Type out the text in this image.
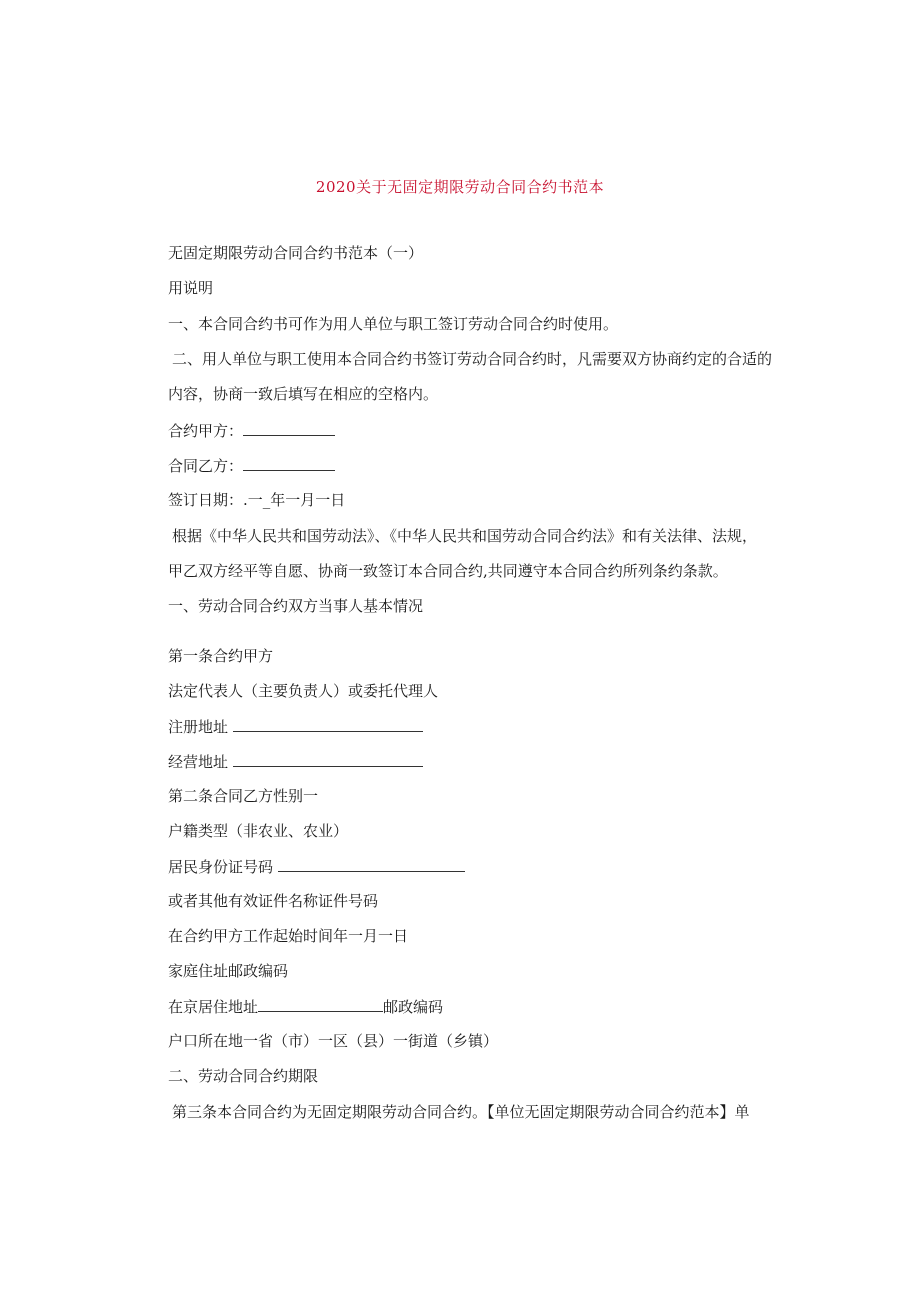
2020关于无固定期限劳动合同合约书范本
无固定期限劳动合同合约书范本（一）
用说明
一、本合同合约书可作为用人单位与职工签订劳动合同合约时使用。
二、用人单位与职工使用本合同合约书签订劳动合同合约时，凡需要双方协商约定的合适的
内容，协商一致后填写在相应的空格内。
合约甲方：
合同乙方：
签订日期：.一_年一月一日
根据《中华人民共和国劳动法》、《中华人民共和国劳动合同合约法》和有关法律、法规，
甲乙双方经平等自愿、协商一致签订本合同合约,共同遵守本合同合约所列条约条款。
一、劳动合同合约双方当事人基本情况
第一条合约甲方
法定代表人（主要负责人）或委托代理人
注册地址
经营地址
第二条合同乙方性别一
户籍类型（非农业、农业）
居民身份证号码
或者其他有效证件名称证件号码
在合约甲方工作起始时间年一月一日
家庭住址邮政编码
在京居住地址	邮政编码
户口所在地一省（市）一区（县）一街道（乡镇）
二、劳动合同合约期限
第三条本合同合约为无固定期限劳动合同合约。【单位无固定期限劳动合同合约范本】单
